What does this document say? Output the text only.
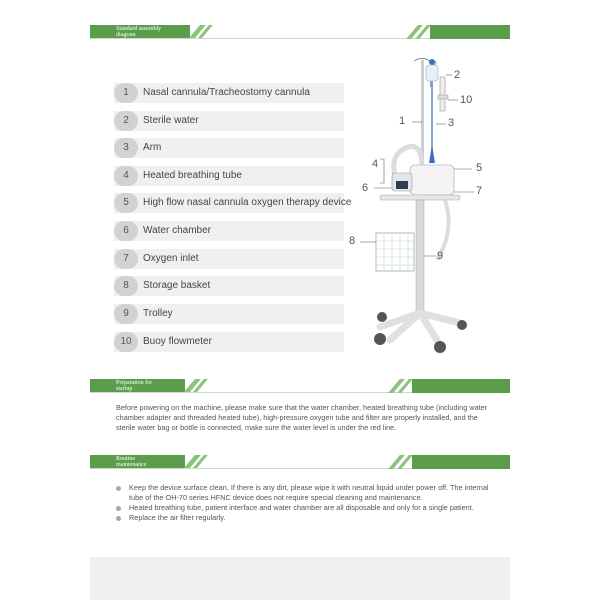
Standard assembly
diagram
1	Nasal cannula/Tracheostomy cannula
2	Sterile water
3	Arm
4	Heated breathing tube
5	High flow nasal cannula oxygen therapy device
6	Water chamber
7	Oxygen inlet
8	Storage basket
9	Trolley
10	Buoy flowmeter
1
2
3
4	5
6	7
8
9
10
Preparation for
startup
Before powering on the machine, please make sure that the water chamber, heated breathing tube (including water chamber adapter and threaded heated tube), high-pressure oxygen tube and filter are properly installed, and the sterile water bag or bottle is connected, make sure the water level is under the red line.
Routine
maintenance
Keep the device surface clean. If there is any dirt, please wipe it with neutral liquid under power off. The internal tube of the OH-70 series HFNC device does not require special cleaning and maintenance.
Heated breathing tube, patient interface and water chamber are all disposable and only for a single patient.
Replace the air filter regularly.
